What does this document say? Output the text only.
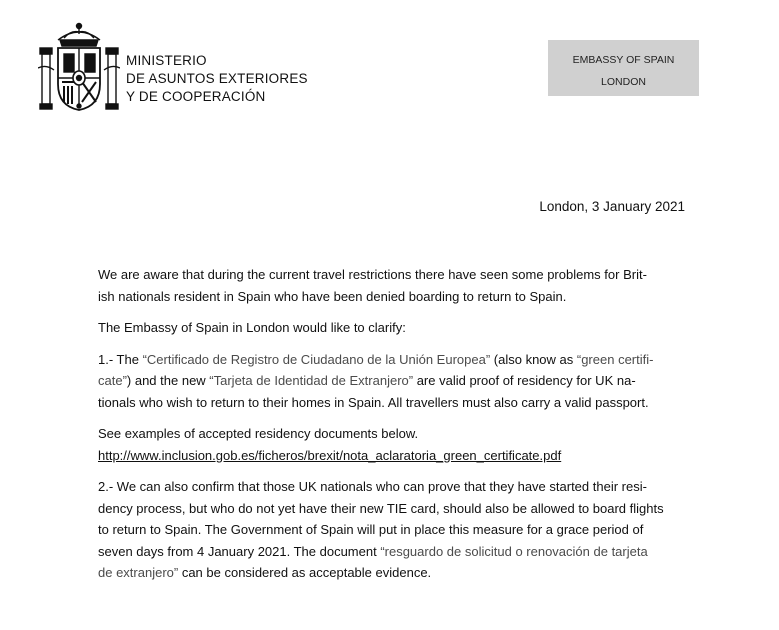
MINISTERIO
DE ASUNTOS EXTERIORES
Y DE COOPERACIÓN
EMBASSY OF SPAIN
LONDON
London, 3 January 2021

We are aware that during the current travel restrictions there have seen some problems for Brit-
ish nationals resident in Spain who have been denied boarding to return to Spain.

The Embassy of Spain in London would like to clarify:

1.- The “Certificado de Registro de Ciudadano de la Unión Europea” (also know as “green certifi-
cate”) and the new “Tarjeta de Identidad de Extranjero” are valid proof of residency for UK na-
tionals who wish to return to their homes in Spain. All travellers must also carry a valid passport.

See examples of accepted residency documents below.
http://www.inclusion.gob.es/ficheros/brexit/nota_aclaratoria_green_certificate.pdf

2.- We can also confirm that those UK nationals who can prove that they have started their resi-
dency process, but who do not yet have their new TIE card, should also be allowed to board flights
to return to Spain. The Government of Spain will put in place this measure for a grace period of
seven days from 4 January 2021. The document “resguardo de solicitud o renovación de tarjeta
de extranjero” can be considered as acceptable evidence.
